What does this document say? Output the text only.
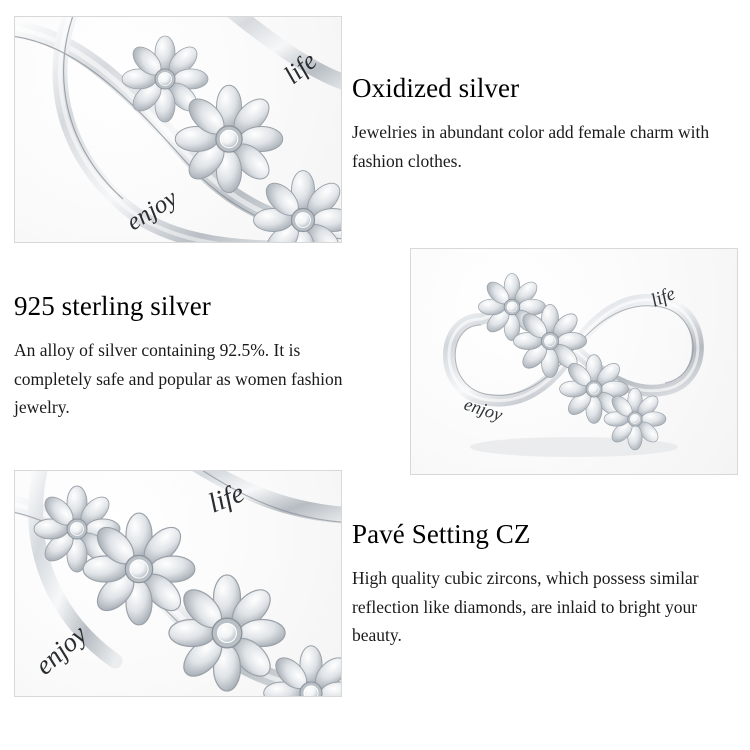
enjoy
life Oxidized silver

Jewelries in abundant color add female charm with fashion clothes.

925 sterling silver

An alloy of silver containing 92.5%. It is completely safe and popular as women fashion jewelry.	enjoy
life
enjoy
life
Pavé Setting CZ

High quality cubic zircons, which possess similar reflection like diamonds, are inlaid to bright your beauty.
